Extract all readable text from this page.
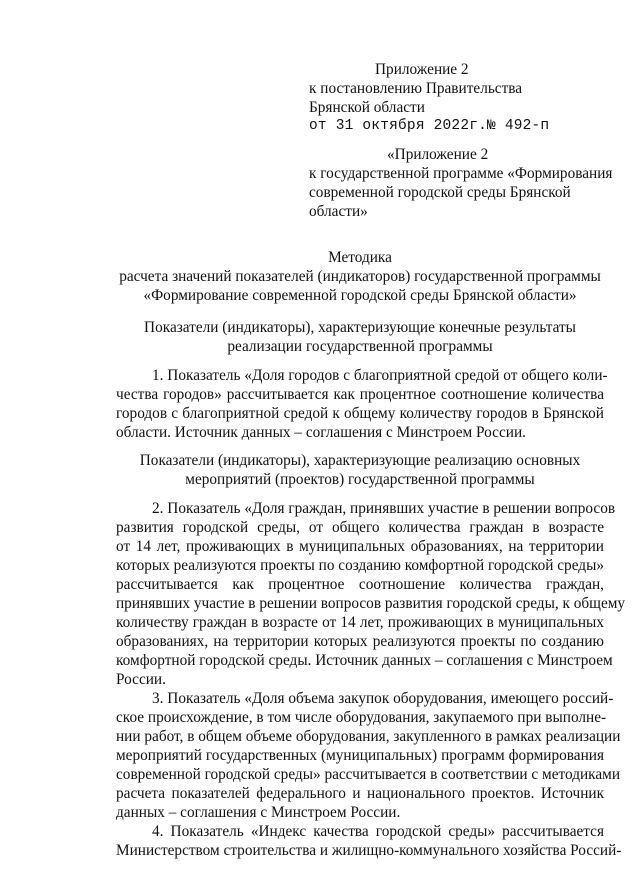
Приложение 2
к постановлению Правительства
Брянской области
от 31 октября 2022г.№ 492-п
«Приложение 2
к государственной программе «Формирования
современной городской среды Брянской
области»
Методика
расчета значений показателей (индикаторов) государственной программы
«Формирование современной городской среды Брянской области»
Показатели (индикаторы), характеризующие конечные результаты
реализации государственной программы
1. Показатель «Доля городов с благоприятной средой от общего коли-
чества городов» рассчитывается как процентное соотношение количества
городов с благоприятной средой к общему количеству городов в Брянской
области. Источник данных – соглашения с Минстроем России.
Показатели (индикаторы), характеризующие реализацию основных
мероприятий (проектов) государственной программы
2. Показатель «Доля граждан, принявших участие в решении вопросов
развития городской среды, от общего количества граждан в возрасте
от 14 лет, проживающих в муниципальных образованиях, на территории
которых реализуются проекты по созданию комфортной городской среды»
рассчитывается как процентное соотношение количества граждан,
принявших участие в решении вопросов развития городской среды, к общему
количеству граждан в возрасте от 14 лет, проживающих в муниципальных
образованиях, на территории которых реализуются проекты по созданию
комфортной городской среды. Источник данных – соглашения с Минстроем
России.
3. Показатель «Доля объема закупок оборудования, имеющего россий-
ское происхождение, в том числе оборудования, закупаемого при выполне-
нии работ, в общем объеме оборудования, закупленного в рамках реализации
мероприятий государственных (муниципальных) программ формирования
современной городской среды» рассчитывается в соответствии с методиками
расчета показателей федерального и национального проектов. Источник
данных – соглашения с Минстроем России.
4. Показатель «Индекс качества городской среды» рассчитывается
Министерством строительства и жилищно-коммунального хозяйства Россий-
